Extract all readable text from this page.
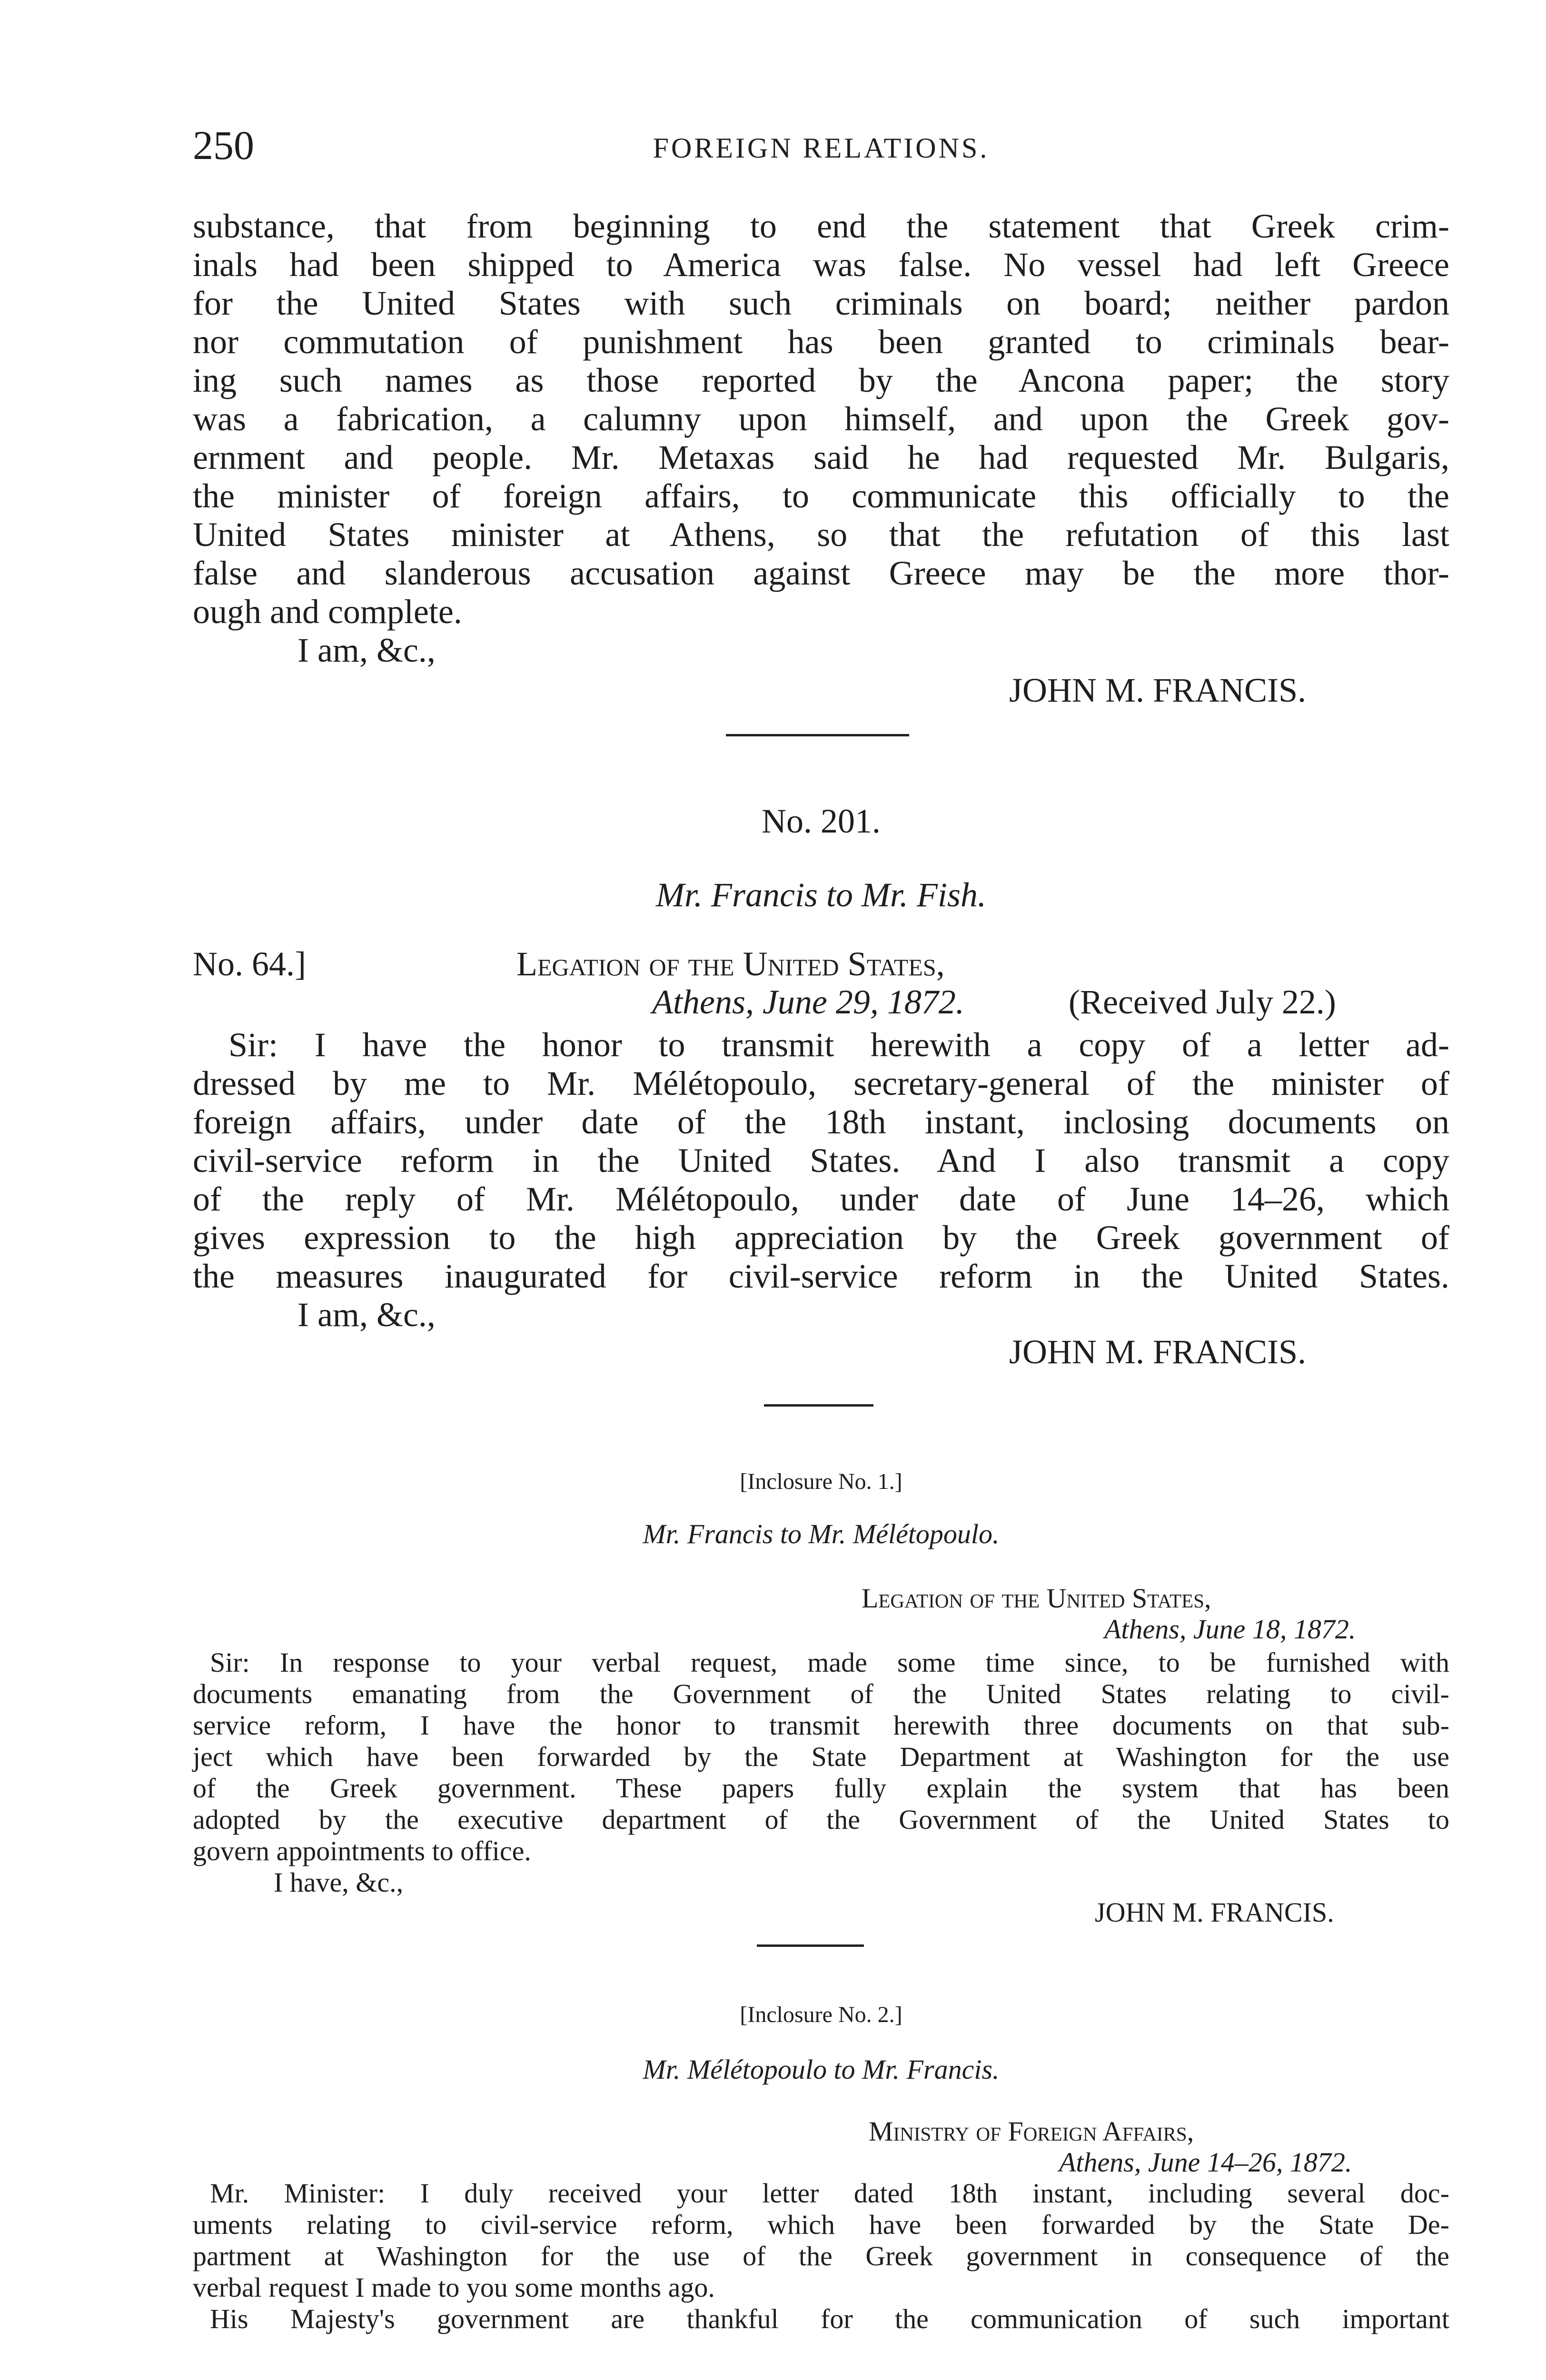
250	FOREIGN RELATIONS.
substance, that from beginning to end the statement that Greek crim-
inals had been shipped to America was false. No vessel had left Greece
for the United States with such criminals on board; neither pardon
nor commutation of punishment has been granted to criminals bear-
ing such names as those reported by the Ancona paper; the story
was a fabrication, a calumny upon himself, and upon the Greek gov-
ernment and people. Mr. Metaxas said he had requested Mr. Bulgaris,
the minister of foreign affairs, to communicate this officially to the
United States minister at Athens, so that the refutation of this last
false and slanderous accusation against Greece may be the more thor-
ough and complete.
I am, &c.,
JOHN M. FRANCIS.
No. 201.
Mr. Francis to Mr. Fish.
No. 64.]	Legation of the United States,
Athens, June 29, 1872.	(Received July 22.)
Sir: I have the honor to transmit herewith a copy of a letter ad-
dressed by me to Mr. Mélétopoulo, secretary-general of the minister of
foreign affairs, under date of the 18th instant, inclosing documents on
civil-service reform in the United States. And I also transmit a copy
of the reply of Mr. Mélétopoulo, under date of June 14–26, which
gives expression to the high appreciation by the Greek government of
the measures inaugurated for civil-service reform in the United States.
I am, &c.,
JOHN M. FRANCIS.
[Inclosure No. 1.]
Mr. Francis to Mr. Mélétopoulo.
Legation of the United States,
Athens, June 18, 1872.
Sir: In response to your verbal request, made some time since, to be furnished with
documents emanating from the Government of the United States relating to civil-
service reform, I have the honor to transmit herewith three documents on that sub-
ject which have been forwarded by the State Department at Washington for the use
of the Greek government. These papers fully explain the system that has been
adopted by the executive department of the Government of the United States to
govern appointments to office.
I have, &c.,
JOHN M. FRANCIS.
[Inclosure No. 2.]
Mr. Mélétopoulo to Mr. Francis.
Ministry of Foreign Affairs,
Athens, June 14–26, 1872.
Mr. Minister: I duly received your letter dated 18th instant, including several doc-
uments relating to civil-service reform, which have been forwarded by the State De-
partment at Washington for the use of the Greek government in consequence of the
verbal request I made to you some months ago.
His Majesty's government are thankful for the communication of such important
